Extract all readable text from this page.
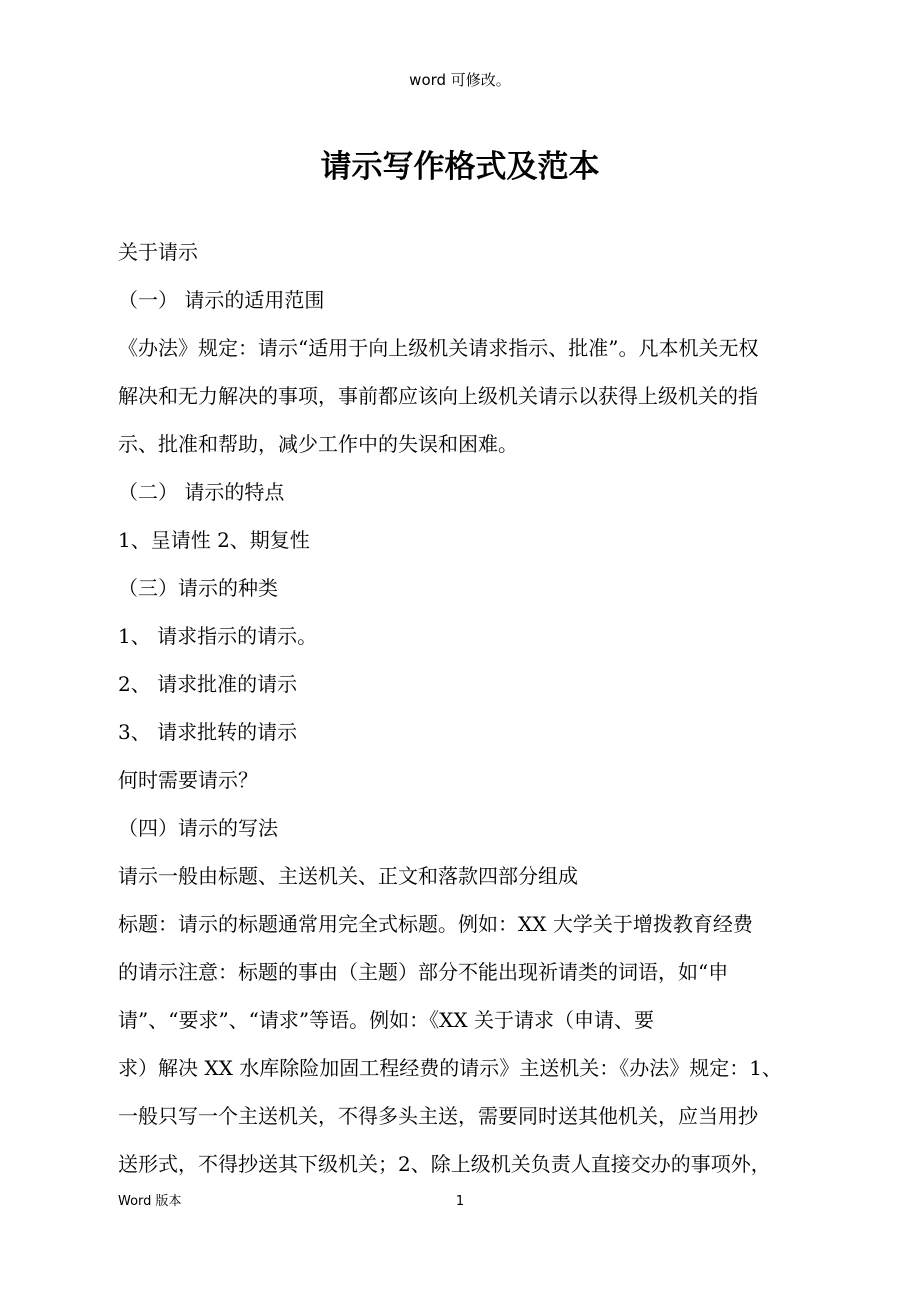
word 可修改。
请示写作格式及范本

关于请示

（一） 请示的适用范围

《办法》规定：请示“适用于向上级机关请求指示、批准”。凡本机关无权

解决和无力解决的事项，事前都应该向上级机关请示以获得上级机关的指

示、批准和帮助，减少工作中的失误和困难。

（二） 请示的特点

1、呈请性 2、期复性

（三）请示的种类

1、 请求指示的请示。

2、 请求批准的请示

3、 请求批转的请示

何时需要请示？

（四）请示的写法

请示一般由标题、主送机关、正文和落款四部分组成

标题：请示的标题通常用完全式标题。例如：XX 大学关于增拨教育经费

的请示注意：标题的事由（主题）部分不能出现祈请类的词语，如“申

请”、“要求”、“请求”等语。例如：《XX 关于请求（申请、要

求）解决 XX 水库除险加固工程经费的请示》主送机关：《办法》规定：1、

一般只写一个主送机关，不得多头主送，需要同时送其他机关，应当用抄

送形式，不得抄送其下级机关；2、除上级机关负责人直接交办的事项外，

Word 版本	1
